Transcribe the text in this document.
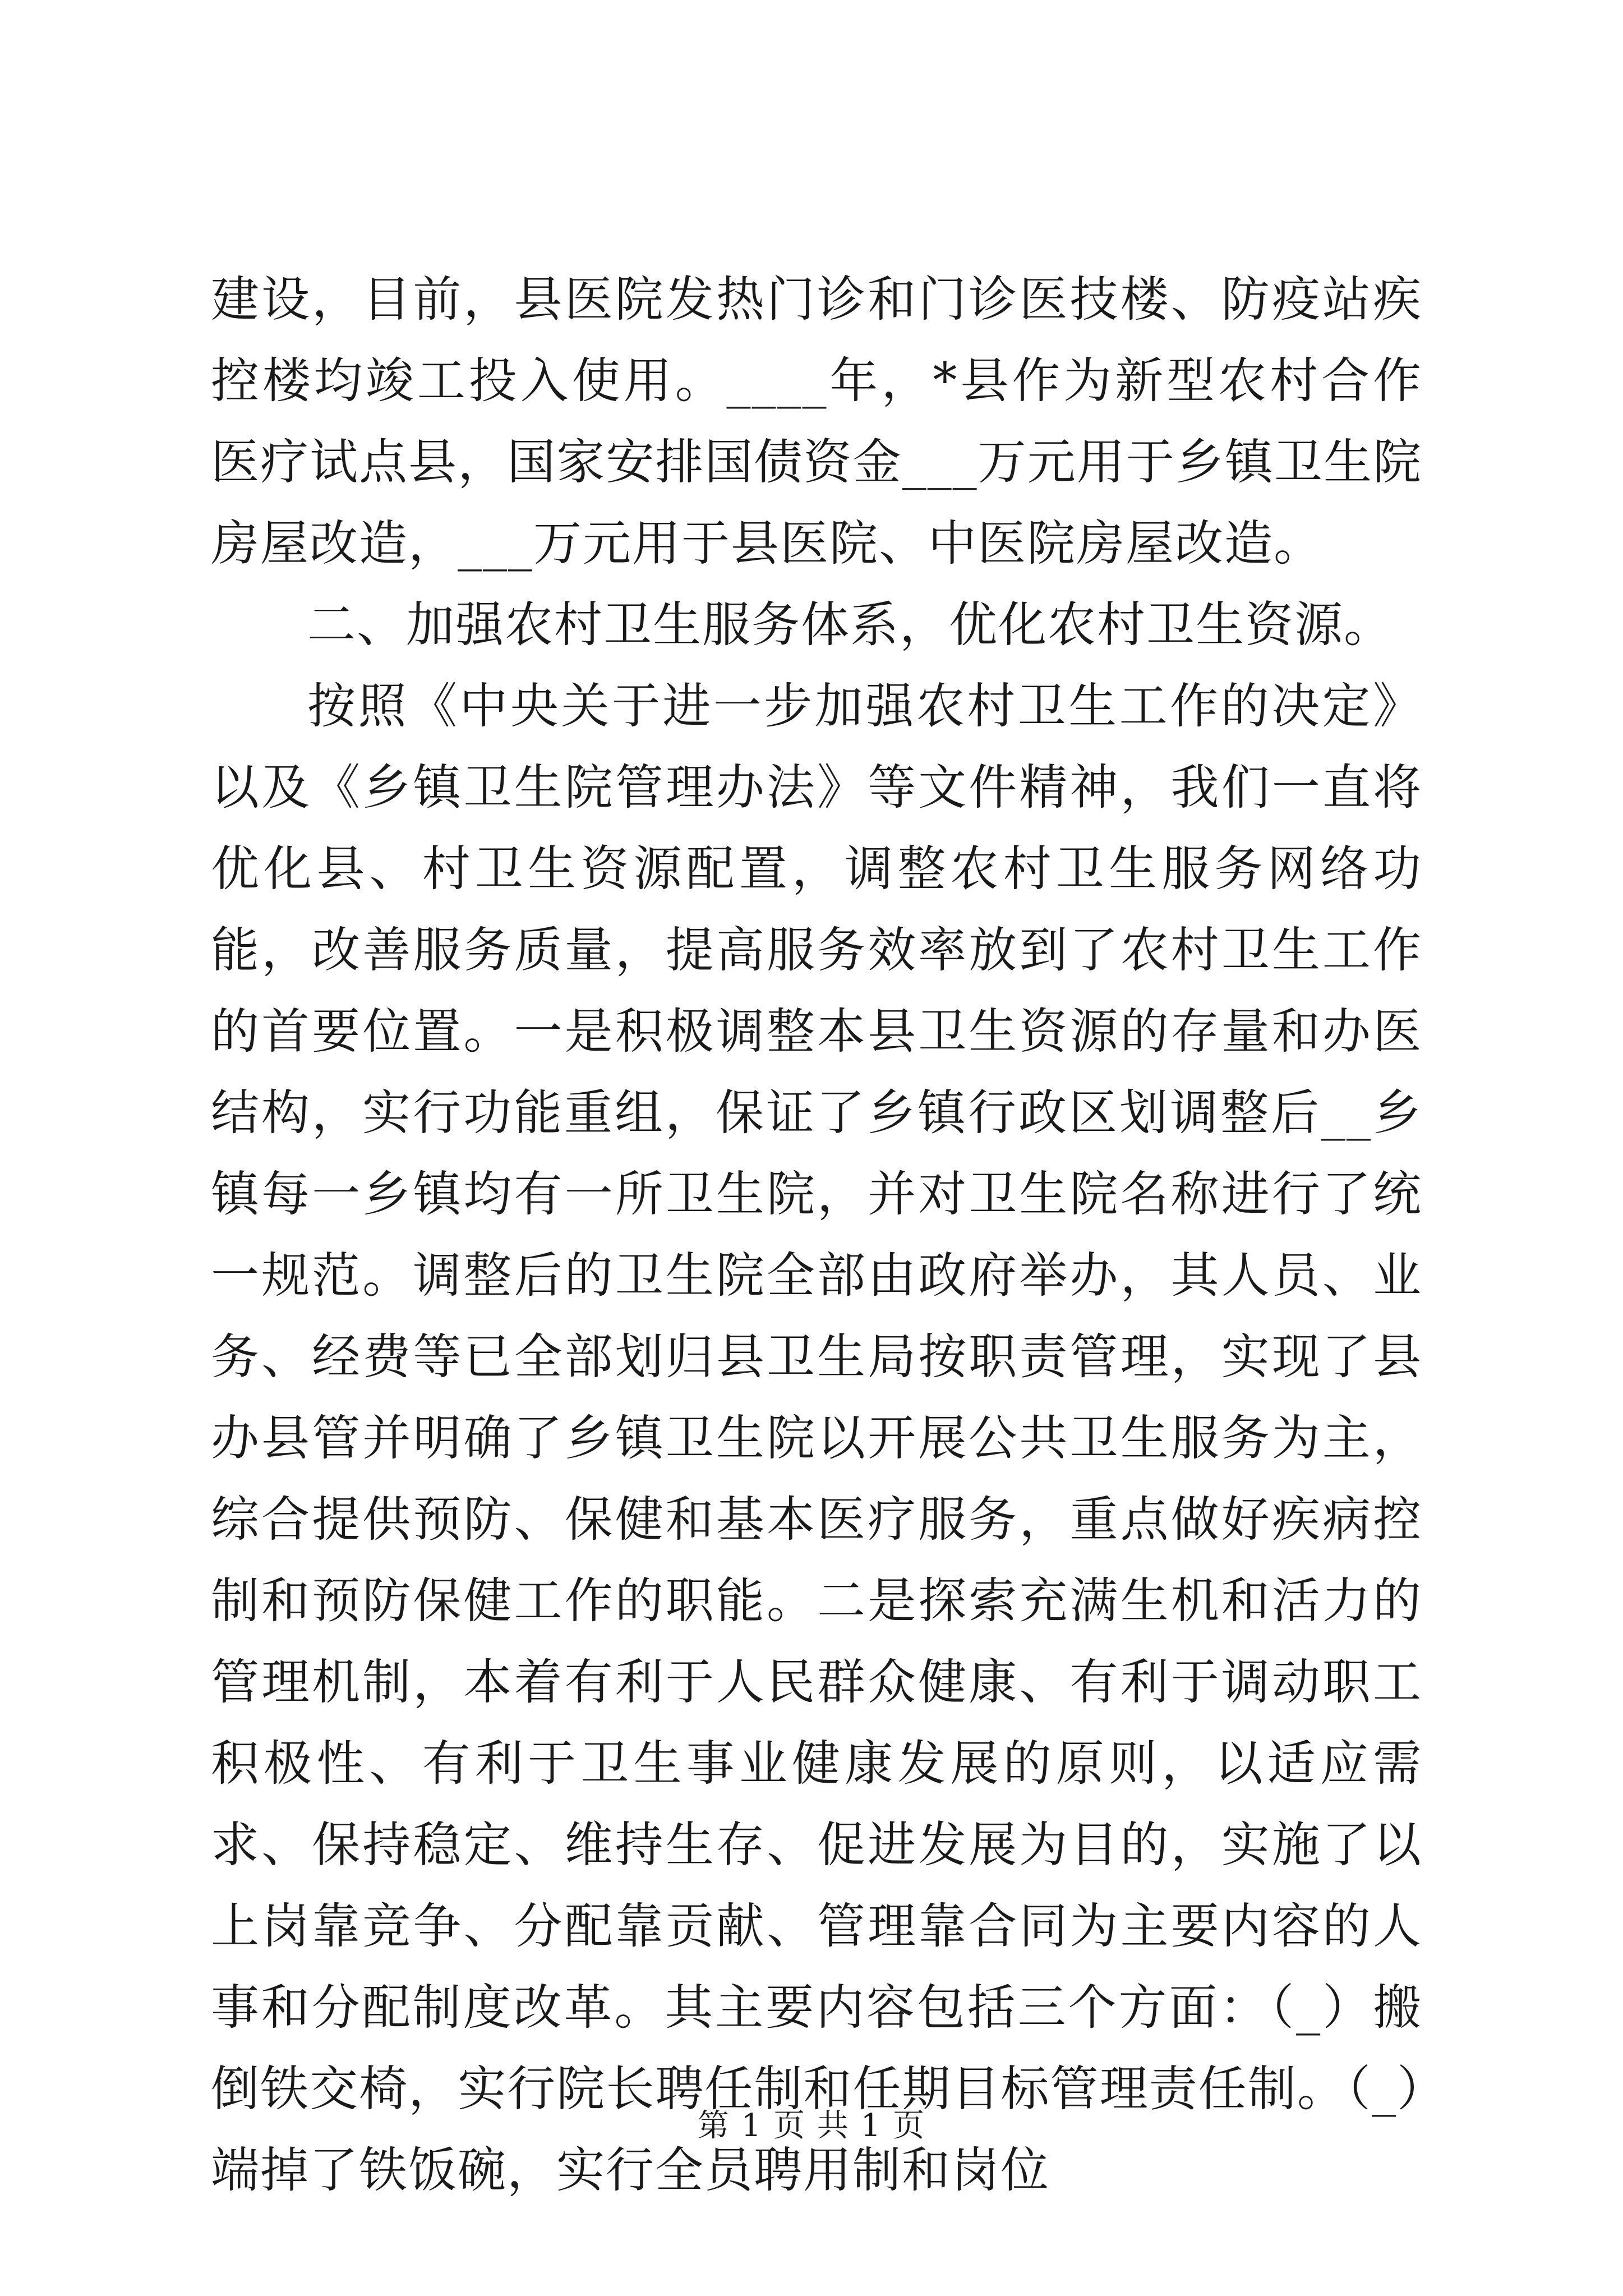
建设，目前，县医院发热门诊和门诊医技楼、防疫站疾控楼均竣工投入使用。____年，*县作为新型农村合作医疗试点县，国家安排国债资金___万元用于乡镇卫生院房屋改造，___万元用于县医院、中医院房屋改造。

二、加强农村卫生服务体系，优化农村卫生资源。

按照《中央关于进一步加强农村卫生工作的决定》以及《乡镇卫生院管理办法》等文件精神，我们一直将优化县、村卫生资源配置，调整农村卫生服务网络功能，改善服务质量，提高服务效率放到了农村卫生工作的首要位置。一是积极调整本县卫生资源的存量和办医结构，实行功能重组，保证了乡镇行政区划调整后__乡镇每一乡镇均有一所卫生院，并对卫生院名称进行了统一规范。调整后的卫生院全部由政府举办，其人员、业务、经费等已全部划归县卫生局按职责管理，实现了县办县管并明确了乡镇卫生院以开展公共卫生服务为主，综合提供预防、保健和基本医疗服务，重点做好疾病控制和预防保健工作的职能。二是探索充满生机和活力的管理机制，本着有利于人民群众健康、有利于调动职工积极性、有利于卫生事业健康发展的原则，以适应需求、保持稳定、维持生存、促进发展为目的，实施了以上岗靠竞争、分配靠贡献、管理靠合同为主要内容的人事和分配制度改革。其主要内容包括三个方面：（_）搬倒铁交椅，实行院长聘任制和任期目标管理责任制。（_）端掉了铁饭碗，实行全员聘用制和岗位

第 1 页 共 1 页
